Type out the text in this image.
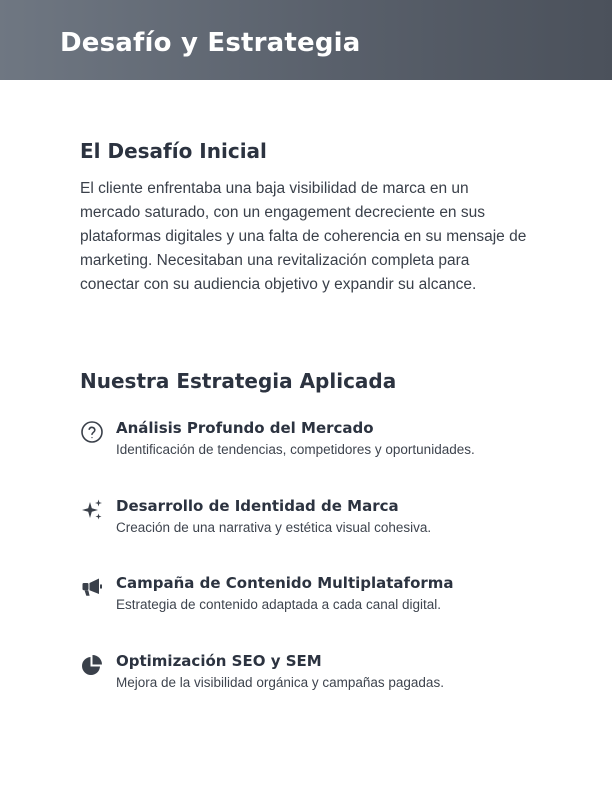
Desafío y Estrategia
El Desafío Inicial

El cliente enfrentaba una baja visibilidad de marca en un mercado saturado, con un engagement decreciente en sus plataformas digitales y una falta de coherencia en su mensaje de marketing. Necesitaban una revitalización completa para conectar con su audiencia objetivo y expandir su alcance.

Nuestra Estrategia Aplicada
Análisis Profundo del Mercado
Identificación de tendencias, competidores y oportunidades.
Desarrollo de Identidad de Marca
Creación de una narrativa y estética visual cohesiva.
Campaña de Contenido Multiplataforma
Estrategia de contenido adaptada a cada canal digital.
Optimización SEO y SEM
Mejora de la visibilidad orgánica y campañas pagadas.
